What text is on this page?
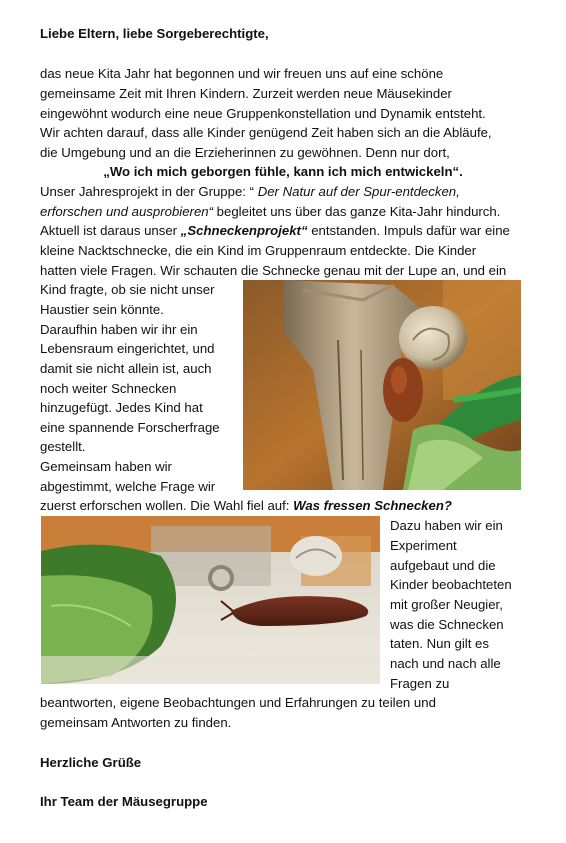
Liebe Eltern, liebe Sorgeberechtigte,
das neue Kita Jahr hat begonnen und wir freuen uns auf eine schöne
gemeinsame Zeit mit Ihren Kindern. Zurzeit werden neue Mäusekinder
eingewöhnt wodurch eine neue Gruppenkonstellation und Dynamik entsteht.
Wir achten darauf, dass alle Kinder genügend Zeit haben sich an die Abläufe,
die Umgebung und an die Erzieherinnen zu gewöhnen. Denn nur dort,
„Wo ich mich geborgen fühle, kann ich mich entwickeln“.
Unser Jahresprojekt in der Gruppe: “ Der Natur auf der Spur-entdecken,
erforschen und ausprobieren“ begleitet uns über das ganze Kita-Jahr hindurch.
Aktuell ist daraus unser „Schneckenprojekt“ entstanden. Impuls dafür war eine
kleine Nacktschnecke, die ein Kind im Gruppenraum entdeckte. Die Kinder
hatten viele Fragen. Wir schauten die Schnecke genau mit der Lupe an, und ein
Kind fragte, ob sie nicht unser
Haustier sein könnte.
Daraufhin haben wir ihr ein
Lebensraum eingerichtet, und
damit sie nicht allein ist, auch
noch weiter Schnecken
hinzugefügt. Jedes Kind hat
eine spannende Forscherfrage
gestellt.
Gemeinsam haben wir
abgestimmt, welche Frage wir
zuerst erforschen wollen. Die Wahl fiel auf: Was fressen Schnecken?
Dazu haben wir ein
Experiment
aufgebaut und die
Kinder beobachteten
mit großer Neugier,
was die Schnecken
taten. Nun gilt es
nach und nach alle
Fragen zu
beantworten, eigene Beobachtungen und Erfahrungen zu teilen und
gemeinsam Antworten zu finden.
Herzliche Grüße
Ihr Team der Mäusegruppe
